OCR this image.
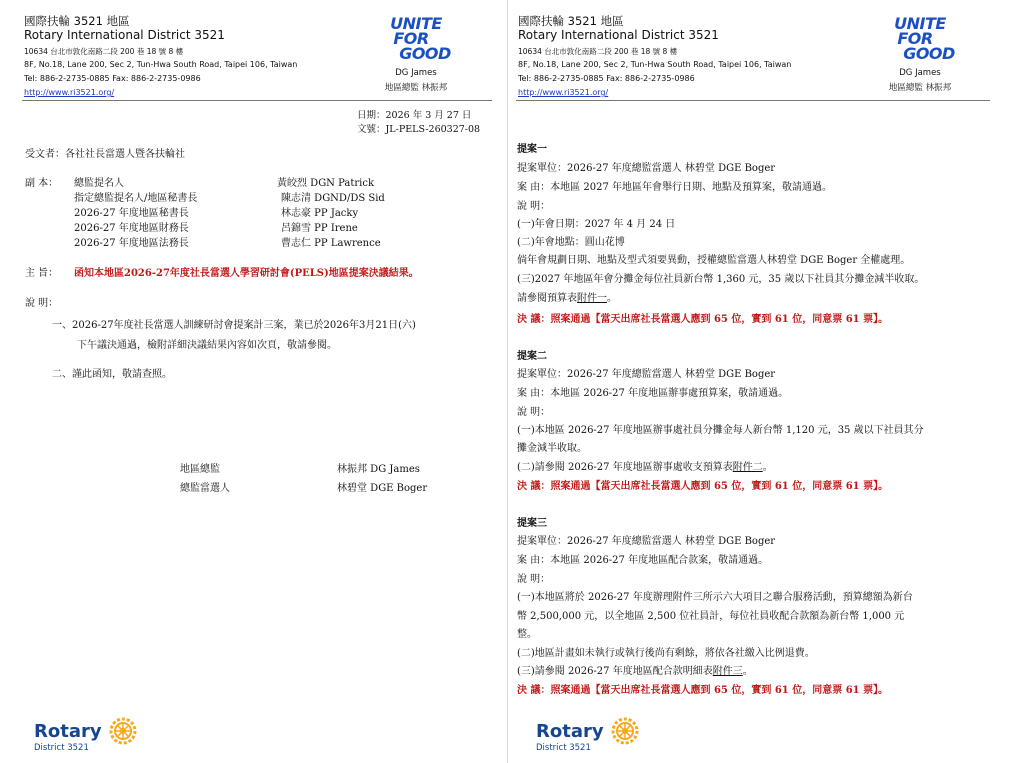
國際扶輪 3521 地區
Rotary International District 3521
10634 台北市敦化南路二段 200 巷 18 號 8 樓
8F, No.18, Lane 200, Sec 2, Tun-Hwa South Road, Taipei 106, Taiwan
Tel: 886-2-2735-0885 Fax: 886-2-2735-0986
http://www.ri3521.org/
UNITE
FOR
GOOD
DG James
地區總監 林振邦
日期：2026 年 3 月 27 日
文號：JL-PELS-260327-08
受文者：各社社長當選人暨各扶輪社
副 本： 總監提名人	黃皎烈 DGN Patrick
指定總監提名人/地區秘書長	陳志清 DGND/DS Sid
2026-27 年度地區秘書長	林志豪 PP Jacky
2026-27 年度地區財務長	呂錦雪 PP Irene
2026-27 年度地區法務長	曹志仁 PP Lawrence
主 旨： 函知本地區2026-27年度社長當選人學習研討會(PELS)地區提案決議結果。
說 明：
一、2026-27年度社長當選人訓練研討會提案計三案，業已於2026年3月21日(六)
下午議決通過，檢附詳細決議結果內容如次頁，敬請參閱。
二、謹此函知，敬請查照。
地區總監	林振邦 DG James
總監當選人	林碧堂 DGE Boger
Rotary
District 3521
國際扶輪 3521 地區
Rotary International District 3521
10634 台北市敦化南路二段 200 巷 18 號 8 樓
8F, No.18, Lane 200, Sec 2, Tun-Hwa South Road, Taipei 106, Taiwan
Tel: 886-2-2735-0885 Fax: 886-2-2735-0986
http://www.ri3521.org/
UNITE
FOR
GOOD
DG James
地區總監 林振邦
提案一
提案單位：2026-27 年度總監當選人 林碧堂 DGE Boger
案 由：本地區 2027 年地區年會舉行日期、地點及預算案，敬請通過。
說 明：
(一)年會日期：2027 年 4 月 24 日
(二)年會地點：圓山花博
倘年會規劃日期、地點及型式須要異動，授權總監當選人林碧堂 DGE Boger 全權處理。
(三)2027 年地區年會分攤金每位社員新台幣 1,360 元，35 歲以下社員其分攤金減半收取。
請參閱預算表附件一。
決 議：照案通過【當天出席社長當選人應到 65 位，實到 61 位，同意票 61 票】。
提案二
提案單位：2026-27 年度總監當選人 林碧堂 DGE Boger
案 由：本地區 2026-27 年度地區辦事處預算案，敬請通過。
說 明：
(一)本地區 2026-27 年度地區辦事處社員分攤金每人新台幣 1,120 元，35 歲以下社員其分
攤金減半收取。
(二)請參閱 2026-27 年度地區辦事處收支預算表附件二。
決 議：照案通過【當天出席社長當選人應到 65 位，實到 61 位，同意票 61 票】。
提案三
提案單位：2026-27 年度總監當選人 林碧堂 DGE Boger
案 由：本地區 2026-27 年度地區配合款案，敬請通過。
說 明：
(一)本地區將於 2026-27 年度辦理附件三所示六大項目之聯合服務活動，預算總額為新台
幣 2,500,000 元，以全地區 2,500 位社員計，每位社員收配合款額為新台幣 1,000 元
整。
(二)地區計畫如未執行或執行後尚有剩餘，將依各社繳入比例退費。
(三)請參閱 2026-27 年度地區配合款明細表附件三。
決 議：照案通過【當天出席社長當選人應到 65 位，實到 61 位，同意票 61 票】。
Rotary
District 3521
